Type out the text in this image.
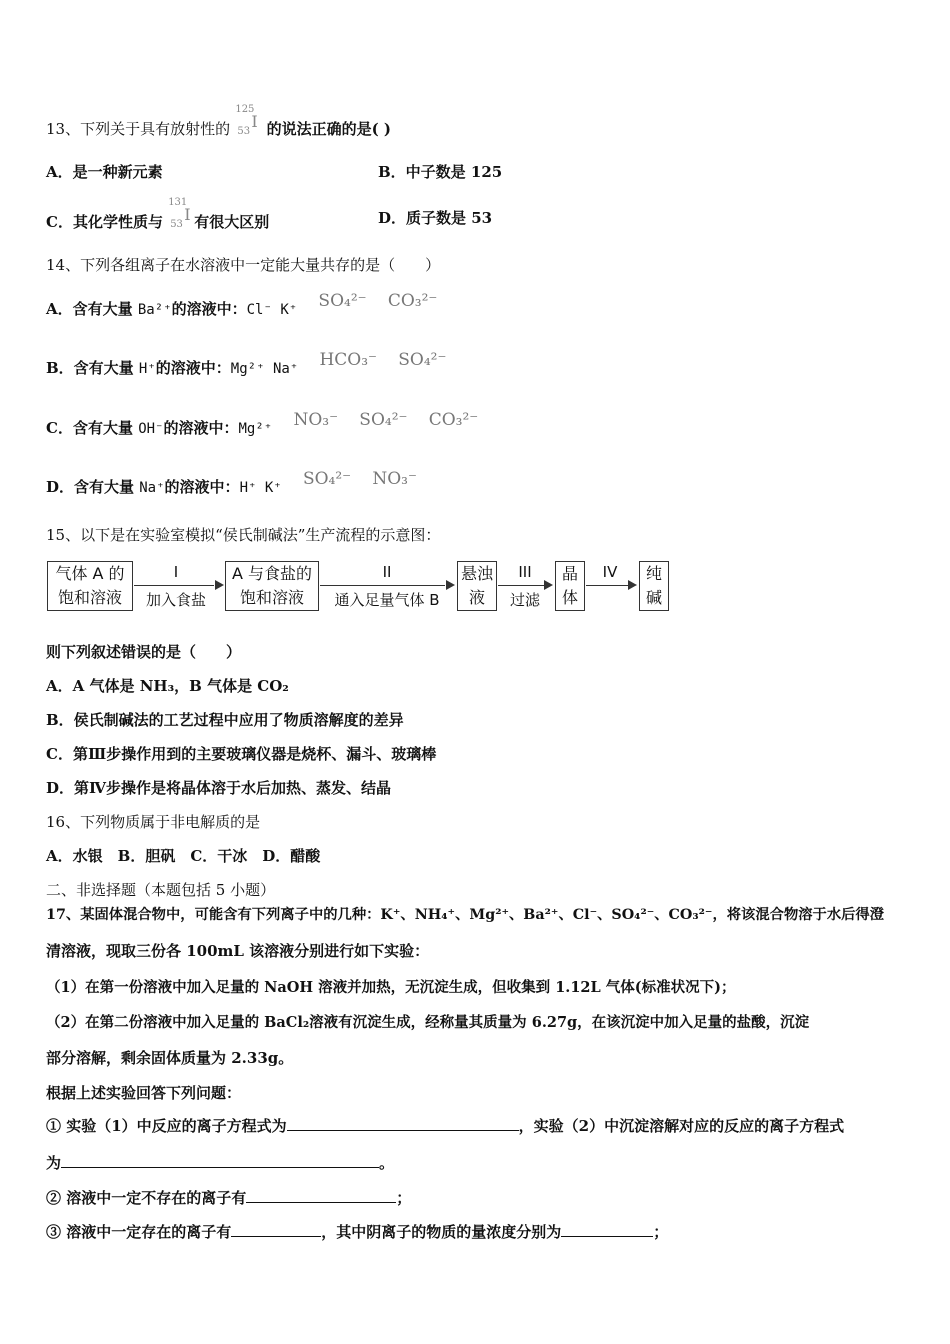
13、下列关于具有放射性的
125
53
I 的说法正确的是( )
A．是一种新元素	B．中子数是 125
C．其化学性质与
131
53
I 有很大区别	D．质子数是 53
14、下列各组离子在水溶液中一定能大量共存的是（　　）
A．含有大量 Ba²⁺的溶液中：Cl⁻ K⁺ SO₄²⁻ CO₃²⁻
B．含有大量 H⁺的溶液中：Mg²⁺ Na⁺ HCO₃⁻ SO₄²⁻
C．含有大量 OH⁻的溶液中：Mg²⁺ NO₃⁻ SO₄²⁻ CO₃²⁻
D．含有大量 Na⁺的溶液中：H⁺ K⁺ SO₄²⁻ NO₃⁻
15、以下是在实验室模拟“侯氏制碱法”生产流程的示意图：
气体 A 的
饱和溶液
I
加入食盐
A 与食盐的
饱和溶液
II
通入足量气体 B
悬浊
液
III
过滤
晶
体
IV	纯
碱
则下列叙述错误的是（　　）
A．A 气体是 NH₃，B 气体是 CO₂
B．侯氏制碱法的工艺过程中应用了物质溶解度的差异
C．第Ⅲ步操作用到的主要玻璃仪器是烧杯、漏斗、玻璃棒
D．第Ⅳ步操作是将晶体溶于水后加热、蒸发、结晶
16、下列物质属于非电解质的是
A．水银　B．胆矾　C．干冰　D．醋酸
二、非选择题（本题包括 5 小题）
17、某固体混合物中，可能含有下列离子中的几种：K⁺、NH₄⁺、Mg²⁺、Ba²⁺、Cl⁻、SO₄²⁻、CO₃²⁻，将该混合物溶于水后得澄
清溶液，现取三份各 100mL 该溶液分别进行如下实验：
（1）在第一份溶液中加入足量的 NaOH 溶液并加热，无沉淀生成，但收集到 1.12L 气体(标准状况下)；
（2）在第二份溶液中加入足量的 BaCl₂溶液有沉淀生成，经称量其质量为 6.27g，在该沉淀中加入足量的盐酸，沉淀
部分溶解，剩余固体质量为 2.33g。
根据上述实验回答下列问题：
① 实验（1）中反应的离子方程式为	，实验（2）中沉淀溶解对应的反应的离子方程式
为	。
② 溶液中一定不存在的离子有	；
③ 溶液中一定存在的离子有	，其中阴离子的物质的量浓度分别为	；
